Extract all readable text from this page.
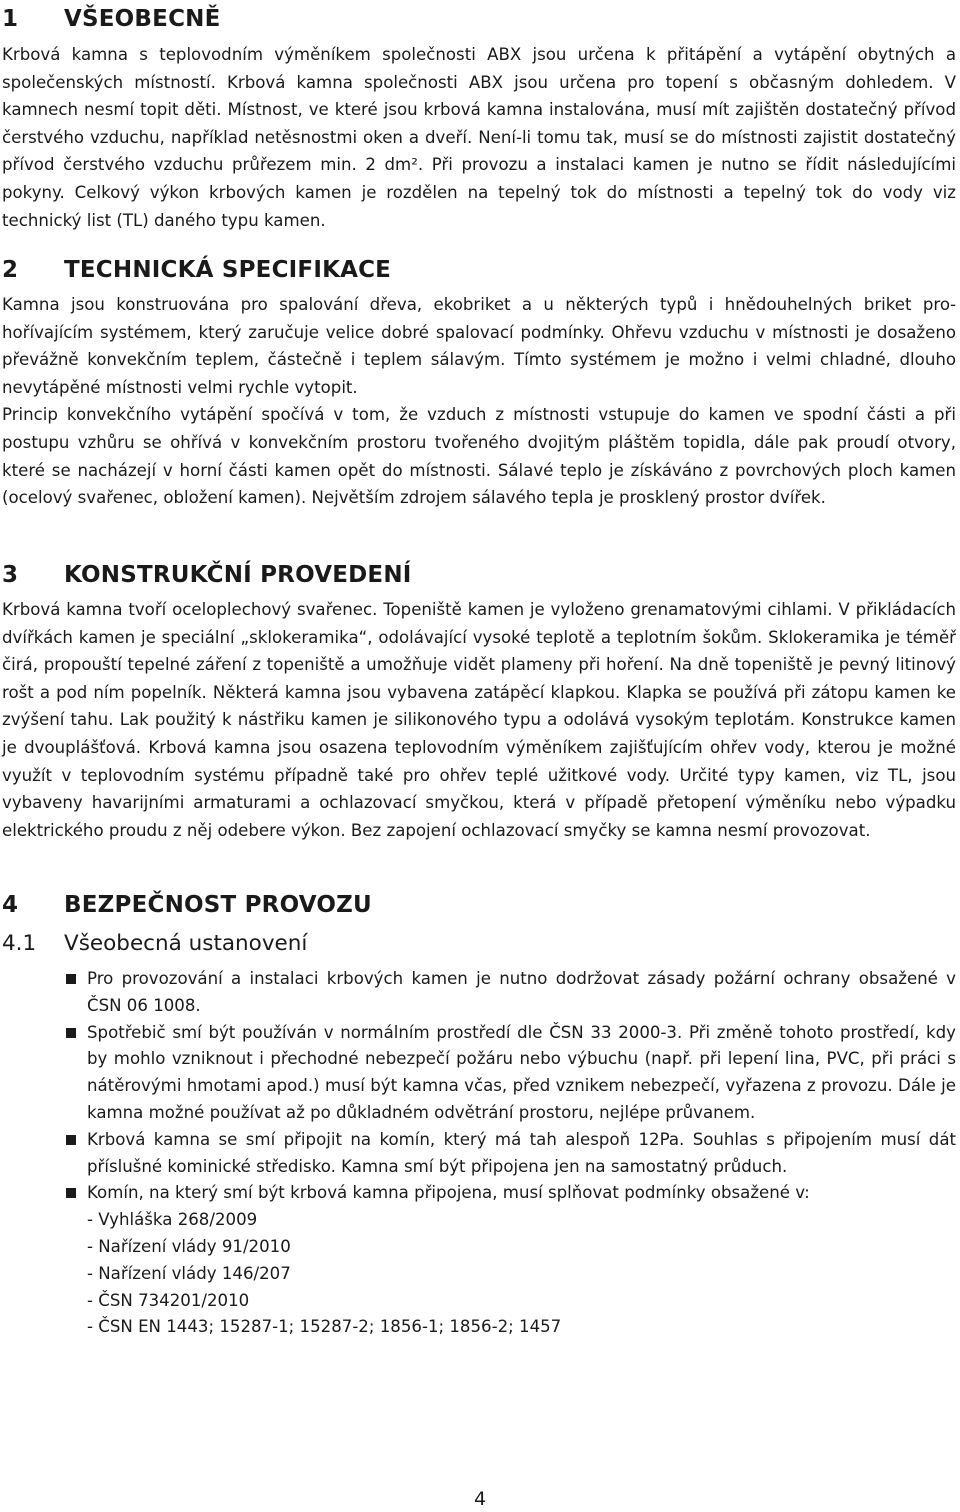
1	VŠEOBECNĚ

Krbová kamna s teplovodním výměníkem společnosti ABX jsou určena k přitápění a vytápění obytných a společenských místností. Krbová kamna společnosti ABX jsou určena pro topení s občasným dohledem. V kamnech nesmí topit děti. Místnost, ve které jsou krbová kamna instalována, musí mít zajištěn dostatečný přívod čerstvého vzduchu, například netěsnostmi oken a dveří. Není-li tomu tak, musí se do místnosti zajistit dostatečný přívod čerstvého vzduchu průřezem min. 2 dm². Při provozu a instalaci kamen je nutno se řídit následujícími pokyny. Celkový výkon krbových kamen je rozdělen na tepelný tok do místnosti a tepelný tok do vody viz technický list (TL) daného typu kamen.

2	TECHNICKÁ SPECIFIKACE

Kamna jsou konstruována pro spalování dřeva, ekobriket a u některých typů i hnědouhelných briket prohořívajícím systémem, který zaručuje velice dobré spalovací podmínky. Ohřevu vzduchu v místnosti je dosaženo převážně konvekčním teplem, částečně i teplem sálavým. Tímto systémem je možno i velmi chladné, dlouho nevytápěné místnosti velmi rychle vytopit.

Princip konvekčního vytápění spočívá v tom, že vzduch z místnosti vstupuje do kamen ve spodní části a při postupu vzhůru se ohřívá v konvekčním prostoru tvořeného dvojitým pláštěm topidla, dále pak proudí otvory, které se nacházejí v horní části kamen opět do místnosti. Sálavé teplo je získáváno z povrchových ploch kamen (ocelový svařenec, obložení kamen). Největším zdrojem sálavého tepla je prosklený prostor dvířek.

3	KONSTRUKČNÍ PROVEDENÍ

Krbová kamna tvoří oceloplechový svařenec. Topeniště kamen je vyloženo grenamatovými cihlami. V přikládacích dvířkách kamen je speciální „sklokeramika“, odolávající vysoké teplotě a teplotním šokům. Sklokeramika je téměř čirá, propouští tepelné záření z topeniště a umožňuje vidět plameny při hoření. Na dně topeniště je pevný litinový rošt a pod ním popelník. Některá kamna jsou vybavena zatápěcí klapkou. Klapka se používá při zátopu kamen ke zvýšení tahu. Lak použitý k nástřiku kamen je silikonového typu a odolává vysokým teplotám. Konstrukce kamen je dvouplášťová. Krbová kamna jsou osazena teplovodním výměníkem zajišťujícím ohřev vody, kterou je možné využít v teplovodním systému případně také pro ohřev teplé užitkové vody. Určité typy kamen, viz TL, jsou vybaveny havarijními armaturami a ochlazovací smyčkou, která v případě přetopení výměníku nebo výpadku elektrického proudu z něj odebere výkon. Bez zapojení ochlazovací smyčky se kamna nesmí provozovat.

4	BEZPEČNOST PROVOZU
4.1	Všeobecná ustanovení
Pro provozování a instalaci krbových kamen je nutno dodržovat zásady požární ochrany obsažené v ČSN 06 1008.
Spotřebič smí být používán v normálním prostředí dle ČSN 33 2000-3. Při změně tohoto prostředí, kdy by mohlo vzniknout i přechodné nebezpečí požáru nebo výbuchu (např. při lepení lina, PVC, při práci s nátěrovými hmotami apod.) musí být kamna včas, před vznikem nebezpečí, vyřazena z provozu. Dále je kamna možné používat až po důkladném odvětrání prostoru, nejlépe průvanem.
Krbová kamna se smí připojit na komín, který má tah alespoň 12Pa. Souhlas s připojením musí dát příslušné kominické středisko. Kamna smí být připojena jen na samostatný průduch.
Komín, na který smí být krbová kamna připojena, musí splňovat podmínky obsažené v:
- Vyhláška 268/2009
- Nařízení vlády 91/2010
- Nařízení vlády 146/207
- ČSN 734201/2010
- ČSN EN 1443; 15287-1; 15287-2; 1856-1; 1856-2; 1457
4
